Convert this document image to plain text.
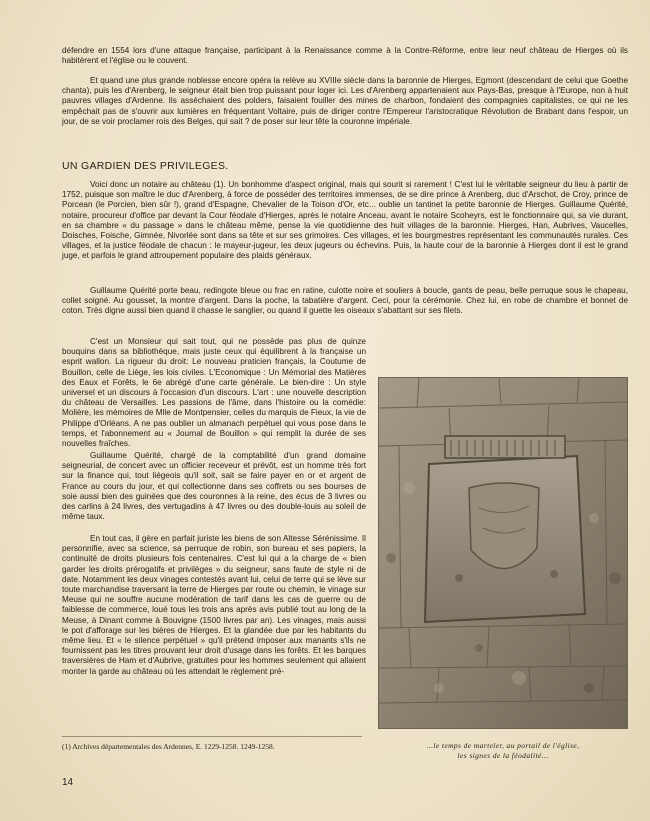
défendre en 1554 lors d'une attaque française, participant à la Renaissance comme à la Contre-Réforme, entre leur neuf château de Hierges où ils habitèrent et l'église ou le couvent.

Et quand une plus grande noblesse encore opéra la relève au XVIIIe siècle dans la baronnie de Hierges, Egmont (descendant de celui que Goethe chanta), puis les d'Arenberg, le seigneur était bien trop puissant pour loger ici. Les d'Arenberg appartenaient aux Pays-Bas, presque à l'Europe, non à huit pauvres villages d'Ardenne. Ils asséchaient des polders, faisaient fouiller des mines de charbon, fondaient des compagnies capitalistes, ce qui ne les empêchait pas de s'ouvrir aux lumières en fréquentant Voltaire, puis de diriger contre l'Empereur l'aristocratique Révolution de Brabant dans l'espoir, un jour, de se voir proclamer rois des Belges, qui sait ? de poser sur leur tête la couronne impériale.

UN GARDIEN DES PRIVILEGES.

Voici donc un notaire au château (1). Un bonhomme d'aspect original, mais qui sourit si rarement ! C'est lui le véritable seigneur du lieu à partir de 1752, puisque son maître le duc d'Arenberg, à force de posséder des territoires immenses, de se dire prince à Arenberg, duc d'Arschot, de Croy, prince de Porcean (le Porcien, bien sûr !), grand d'Espagne, Chevalier de la Toison d'Or, etc... oublie un tantinet la petite baronnie de Hierges. Guillaume Quérité, notaire, procureur d'office par devant la Cour féodale d'Hierges, après le notaire Anceau, avant le notaire Scoheyrs, est le fonctionnaire qui, sa vie durant, en sa chambre « du passage » dans le château même, pense la vie quotidienne des huit villages de la baronnie. Hierges, Han, Aubrives, Vaucelles, Doisches, Foische, Gimnée, Nivorlée sont dans sa tête et sur ses grimoires. Ces villages, et les bourgmestres représentant les communautés rurales. Ces villages, et la justice féodale de chacun : le mayeur-jugeur, les deux jugeurs ou échevins. Puis, la haute cour de la baronnie à Hierges dont il est le grand juge, et parfois le grand attroupement populaire des plaids généraux.

Guillaume Quérité porte beau, redingote bleue ou frac en ratine, culotte noire et souliers à boucle, gants de peau, belle perruque sous le chapeau, collet soigné. Au gousset, la montre d'argent. Dans la poche, la tabatière d'argent. Ceci, pour la cérémonie. Chez lui, en robe de chambre et bonnet de coton. Très digne aussi bien quand il chasse le sanglier, ou quand il guette les oiseaux s'abattant sur ses filets.

C'est un Monsieur qui sait tout, qui ne possède pas plus de quinze bouquins dans sa bibliothèque, mais juste ceux qui équilibrent à la française un esprit wallon. La rigueur du droit: Le nouveau praticien français, la Coutume de Bouillon, celle de Liège, les lois civiles. L'Economique : Un Mémorial des Matières des Eaux et Forêts, le 6e abrégé d'une carte générale. Le bien-dire : Un style universel et un discours à l'occasion d'un discours. L'art : une nouvelle description du château de Versailles. Les passions de l'âme, dans l'histoire ou la comédie: Molière, les mémoires de Mlle de Montpensier, celles du marquis de Fieux, la vie de Philippe d'Orléans. A ne pas oublier un almanach perpétuel qui vous pose dans le temps, et l'abonnement au « Journal de Bouillon » qui remplit la durée de ses nouvelles fraîches.

Guillaume Quérité, chargé de la comptabilité d'un grand domaine seigneurial, de concert avec un officier receveur et prévôt, est un homme très fort sur la finance qui, tout liégeois qu'il soit, sait se faire payer en or et argent de France au cours du jour, et qui collectionne dans ses coffrets ou ses bourses de soie aussi bien des guinées que des couronnes à la reine, des écus de 3 livres ou des carlins à 24 livres, des vertugadins à 47 livres ou des double-louis au soleil de même taux.

En tout cas, il gère en parfait juriste les biens de son Altesse Sérénissime. Il personnifie, avec sa science, sa perruque de robin, son bureau et ses papiers, la continuité de droits plusieurs fois centenaires. C'est lui qui a la charge de « bien garder les droits prérogatifs et privilèges » du seigneur, sans faute de style ni de date. Notamment les deux vinages contestés avant lui, celui de terre qui se lève sur toute marchandise traversant la terre de Hierges par route ou chemin, le vinage sur Meuse qui ne souffre aucune modération de tarif dans les cas de guerre ou de faiblesse de commerce, loué tous les trois ans après avis publié tout au long de la Meuse, à Dinant comme à Bouvigne (1500 livres par an). Les vinages, mais aussi le pot d'afforage sur les bières de Hierges. Et la glandée due par les habitants du même lieu. Et « le silence perpétuel » qu'il prétend imposer aux manants s'ils ne fournissent pas les titres prouvant leur droit d'usage dans les forêts. Et les barques traversières de Ham et d'Aubrive, gratuites pour les hommes seulement qui allaient monter la garde au château où les attendait le règlement pré-

(1) Archives départementales des Ardennes, E. 1229-1258. 1249-1258.	...le temps de marteler, au portail de l'église,
les signes de la féodalité...
14
